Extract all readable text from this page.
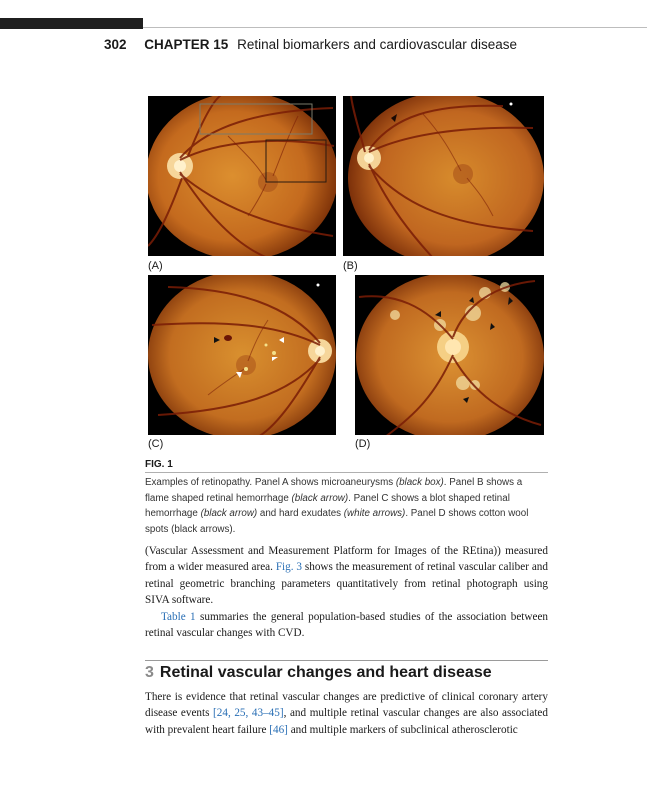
302 CHAPTER 15 Retinal biomarkers and cardiovascular disease
(A)	(B)
(C)	(D)
FIG. 1

Examples of retinopathy. Panel A shows microaneurysms (black box). Panel B shows a flame shaped retinal hemorrhage (black arrow). Panel C shows a blot shaped retinal hemorrhage (black arrow) and hard exudates (white arrows). Panel D shows cotton wool spots (black arrows).

(Vascular Assessment and Measurement Platform for Images of the REtina)) measured from a wider measured area. Fig. 3 shows the measurement of retinal vascular caliber and retinal geometric branching parameters quantitatively from retinal photograph using SIVA software.

Table 1 summaries the general population-based studies of the association between retinal vascular changes with CVD.

3 Retinal vascular changes and heart disease

There is evidence that retinal vascular changes are predictive of clinical coronary artery disease events [24, 25, 43–45], and multiple retinal vascular changes are also associated with prevalent heart failure [46] and multiple markers of subclinical atherosclerotic
